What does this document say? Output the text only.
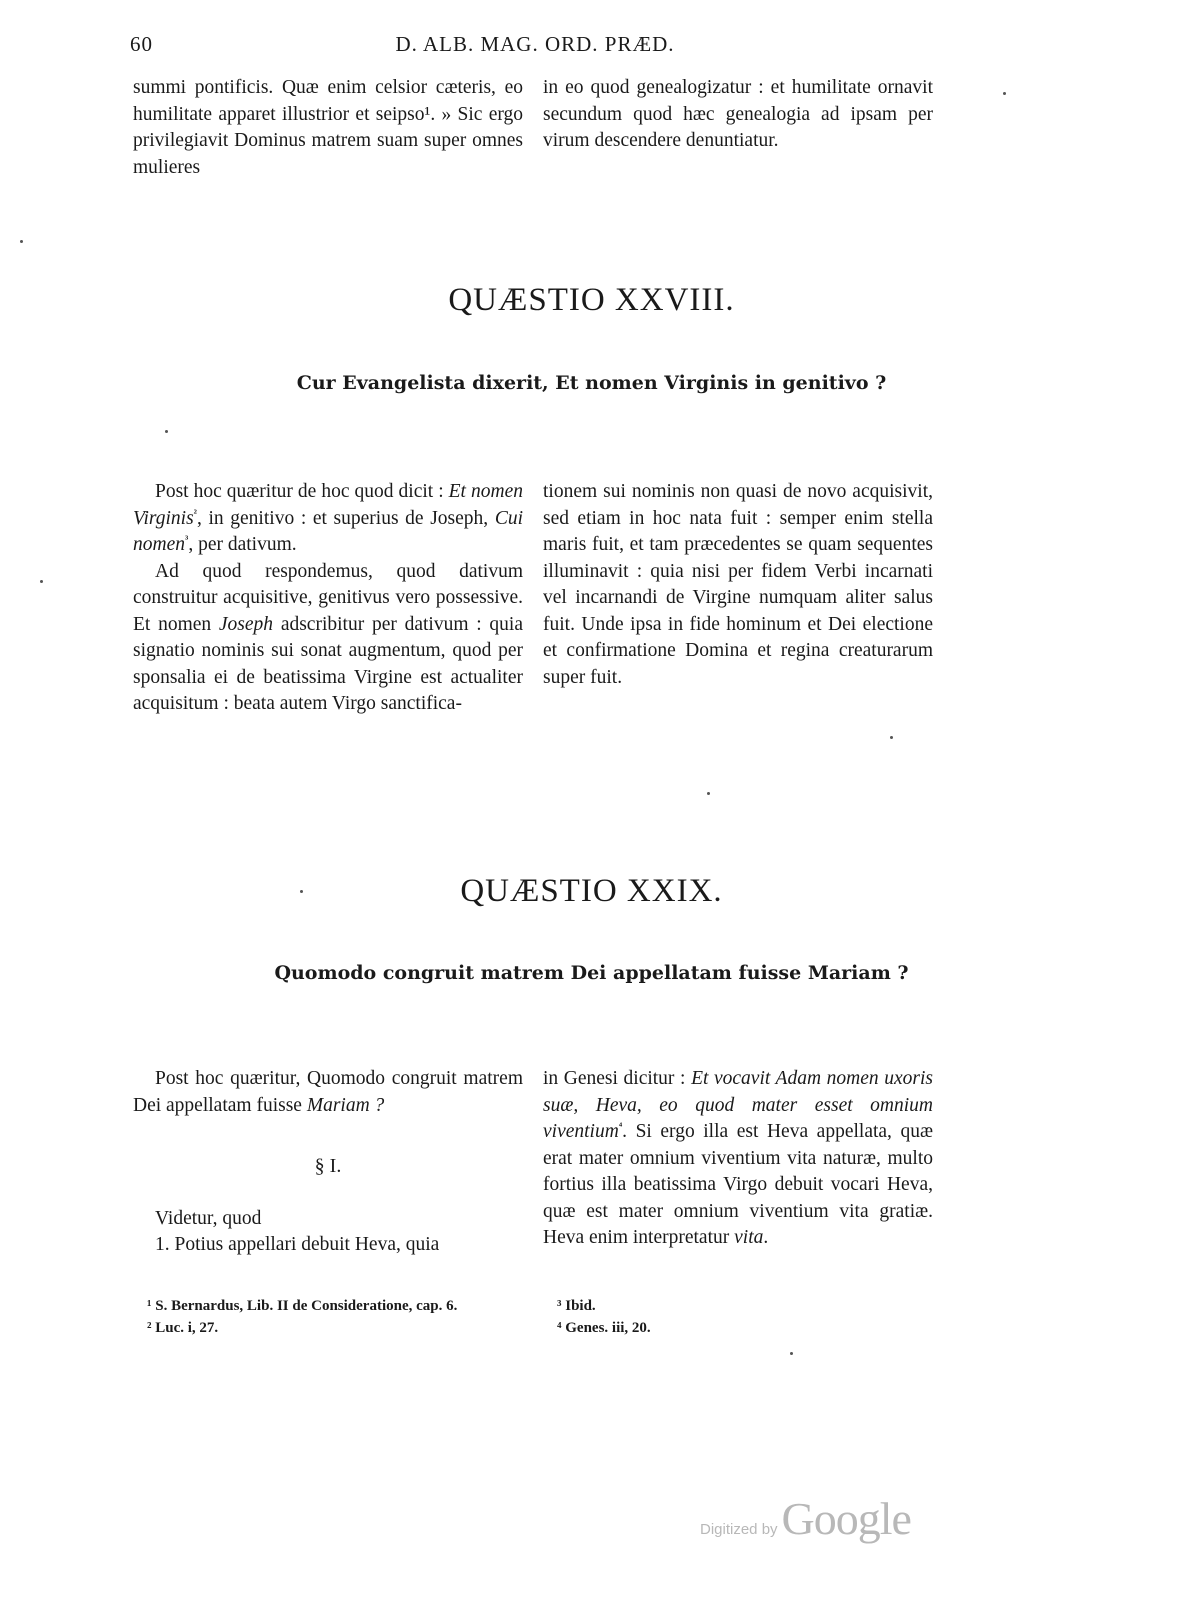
60	D. ALB. MAG. ORD. PRÆD.

summi pontificis. Quæ enim celsior cæteris, eo humilitate apparet illustrior et seipso¹. » Sic ergo privilegiavit Dominus matrem suam super omnes mulieres

in eo quod genealogizatur : et humilitate ornavit secundum quod hæc genealogia ad ipsam per virum descendere denuntiatur.

QUÆSTIO XXVIII.
Cur Evangelista dixerit, Et nomen Virginis in genitivo ?

Post hoc quæritur de hoc quod dicit : Et nomen Virginis$^{^2}$, in genitivo : et superius de Joseph, Cui nomen$^{^3}$, per dativum.

Ad quod respondemus, quod dativum construitur acquisitive, genitivus vero possessive. Et nomen Joseph adscribitur per dativum : quia signatio nominis sui sonat augmentum, quod per sponsalia ei de beatissima Virgine est actualiter acquisitum : beata autem Virgo sanctifica-

tionem sui nominis non quasi de novo acquisivit, sed etiam in hoc nata fuit : semper enim stella maris fuit, et tam præcedentes se quam sequentes illuminavit : quia nisi per fidem Verbi incarnati vel incarnandi de Virgine numquam aliter salus fuit. Unde ipsa in fide hominum et Dei electione et confirmatione Domina et regina creaturarum super fuit.

QUÆSTIO XXIX.
Quomodo congruit matrem Dei appellatam fuisse Mariam ?

Post hoc quæritur, Quomodo congruit matrem Dei appellatam fuisse Mariam ?

§ I.

Videtur, quod

1. Potius appellari debuit Heva, quia

in Genesi dicitur : Et vocavit Adam nomen uxoris suæ, Heva, eo quod mater esset omnium viventium$^{^4}$. Si ergo illa est Heva appellata, quæ erat mater omnium viventium vita naturæ, multo fortius illa beatissima Virgo debuit vocari Heva, quæ est mater omnium viventium vita gratiæ. Heva enim interpretatur vita.

¹ S. Bernardus, Lib. II de Consideratione, cap. 6.
² Luc. i, 27.
³ Ibid.
⁴ Genes. iii, 20.
Digitized by Google
